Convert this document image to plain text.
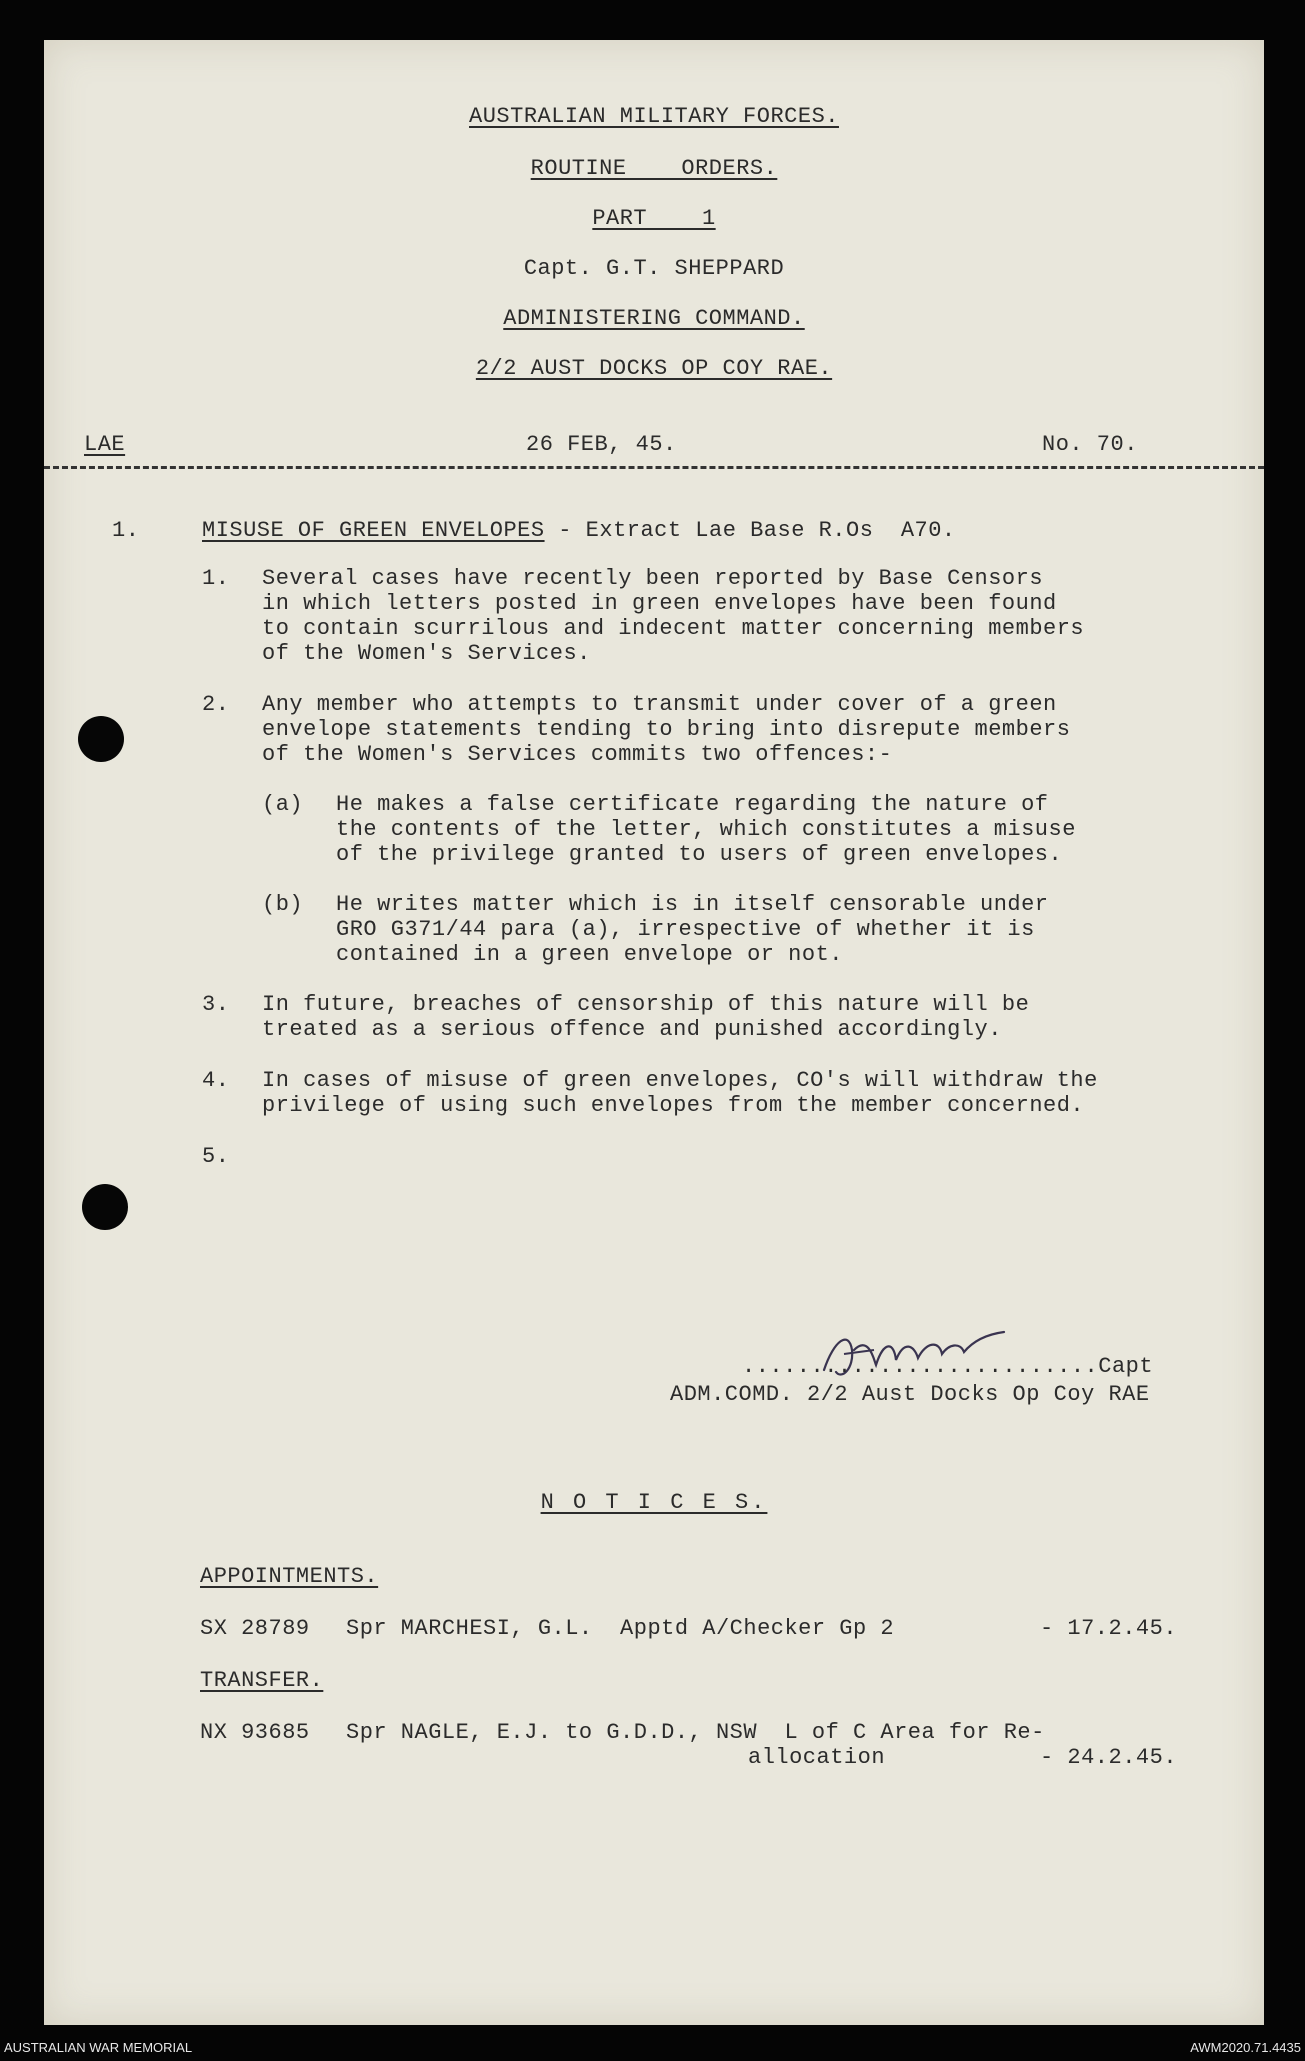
AUSTRALIAN MILITARY FORCES.
ROUTINE    ORDERS.
PART    1
Capt. G.T. SHEPPARD
ADMINISTERING COMMAND.
2/2 AUST DOCKS OP COY RAE.
LAE	26 FEB, 45.	No. 70.
1.	MISUSE OF GREEN ENVELOPES - Extract Lae Base R.Os  A70.
1. Several cases have recently been reported by Base Censors
in which letters posted in green envelopes have been found
to contain scurrilous and indecent matter concerning members
of the Women's Services.
2. Any member who attempts to transmit under cover of a green
envelope statements tending to bring into disrepute members
of the Women's Services commits two offences:-
(a) He makes a false certificate regarding the nature of
the contents of the letter, which constitutes a misuse
of the privilege granted to users of green envelopes.
(b) He writes matter which is in itself censorable under
GRO G371/44 para (a), irrespective of whether it is
contained in a green envelope or not.
3. In future, breaches of censorship of this nature will be
treated as a serious offence and punished accordingly.
4. In cases of misuse of green envelopes, CO's will withdraw the
privilege of using such envelopes from the member concerned.
5.
..........................Capt
ADM.COMD. 2/2 Aust Docks Op Coy RAE
N O T I C E S.
APPOINTMENTS.
SX 28789 Spr MARCHESI, G.L.  Apptd A/Checker Gp 2	- 17.2.45.
TRANSFER.
NX 93685 Spr NAGLE, E.J. to G.D.D., NSW  L of C Area for Re-
allocation	- 24.2.45.
AUSTRALIAN WAR MEMORIAL	AWM2020.71.4435
